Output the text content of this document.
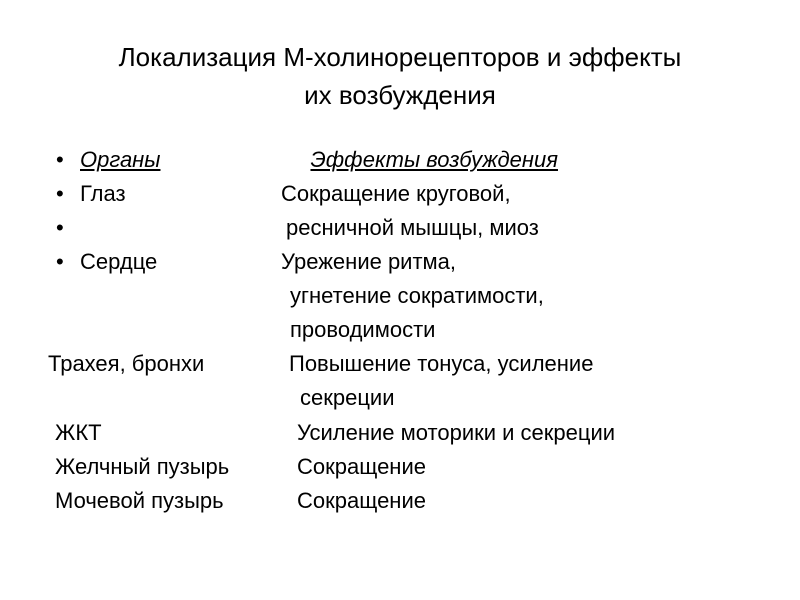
Локализация М-холинорецепторов и эффекты
их возбуждения
• Органы	Эффекты возбуждения
• Глаз	Сокращение круговой,
•	ресничной мышцы, миоз
• Сердце	Урежение ритма,
угнетение сократимости,
проводимости
Трахея, бронхи	Повышение тонуса, усиление
секреции
ЖКТ	Усиление моторики и секреции
Желчный пузырь	Сокращение
Мочевой пузырь	Сокращение
